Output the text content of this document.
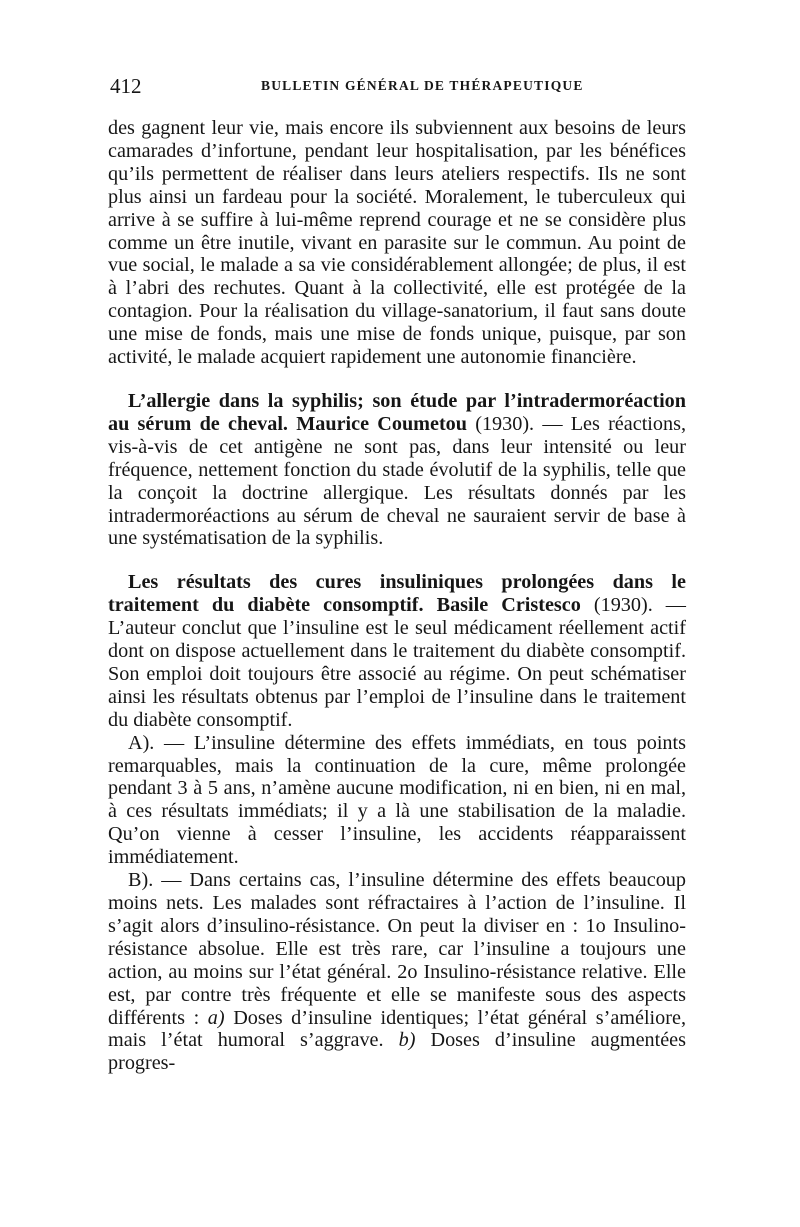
412	BULLETIN GÉNÉRAL DE THÉRAPEUTIQUE

des gagnent leur vie, mais encore ils subviennent aux besoins de leurs camarades d’infortune, pendant leur hospitalisation, par les bénéfices qu’ils permettent de réaliser dans leurs ateliers respectifs. Ils ne sont plus ainsi un fardeau pour la société. Moralement, le tuberculeux qui arrive à se suffire à lui-même reprend courage et ne se considère plus comme un être inutile, vivant en parasite sur le commun. Au point de vue social, le malade a sa vie considérablement allongée; de plus, il est à l’abri des rechutes. Quant à la collectivité, elle est protégée de la contagion. Pour la réalisation du village-sanatorium, il faut sans doute une mise de fonds, mais une mise de fonds unique, puisque, par son activité, le malade acquiert rapidement une autonomie financière.

L’allergie dans la syphilis; son étude par l’intradermoréaction au sérum de cheval. Maurice Coumetou (1930). — Les réactions, vis-à-vis de cet antigène ne sont pas, dans leur intensité ou leur fréquence, nettement fonction du stade évolutif de la syphilis, telle que la conçoit la doctrine allergique. Les résultats donnés par les intradermoréactions au sérum de cheval ne sauraient servir de base à une systématisation de la syphilis.

Les résultats des cures insuliniques prolongées dans le traitement du diabète consomptif. Basile Cristesco (1930). — L’auteur conclut que l’insuline est le seul médicament réellement actif dont on dispose actuellement dans le traitement du diabète consomptif. Son emploi doit toujours être associé au régime. On peut schématiser ainsi les résultats obtenus par l’emploi de l’insuline dans le traitement du diabète consomptif.

A). — L’insuline détermine des effets immédiats, en tous points remarquables, mais la continuation de la cure, même prolongée pendant 3 à 5 ans, n’amène aucune modification, ni en bien, ni en mal, à ces résultats immédiats; il y a là une stabilisation de la maladie. Qu’on vienne à cesser l’insuline, les accidents réapparaissent immédiatement.

B). — Dans certains cas, l’insuline détermine des effets beaucoup moins nets. Les malades sont réfractaires à l’action de l’insuline. Il s’agit alors d’insulino-résistance. On peut la diviser en : 1o Insulino-résistance absolue. Elle est très rare, car l’insuline a toujours une action, au moins sur l’état général. 2o Insulino-résistance relative. Elle est, par contre très fréquente et elle se manifeste sous des aspects différents : a) Doses d’insuline identiques; l’état général s’améliore, mais l’état humoral s’aggrave. b) Doses d’insuline augmentées progres-
